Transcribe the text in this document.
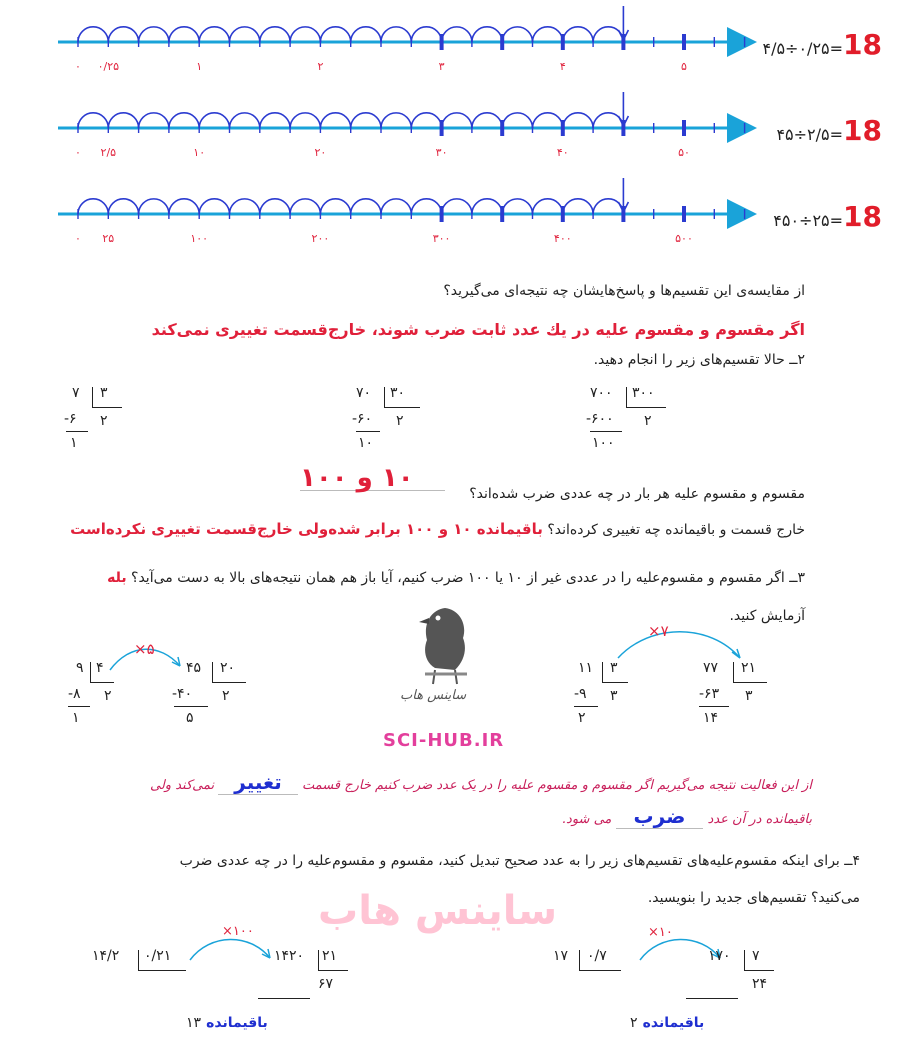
۰ ۰/۲۵	۱	۲	۳	۴	۵
۰ ۲/۵	۱۰	۲۰	۳۰	۴۰	۵۰
۰ ۲۵	۱۰۰	۲۰۰	۳۰۰	۴۰۰	۵۰۰
۴/۵÷۰/۲۵=18
۴۵÷۲/۵=18
۴۵۰÷۲۵=18
از مقایسه‌ی این تقسیم‌ها و پاسخ‌هایشان چه نتیجه‌ای می‌گیرید؟
اگر مقسوم و مقسوم علیه در یك عدد ثابت ضرب شوند، خارج‌قسمت تغییری نمی‌کند
۲ــ حالا تقسیم‌های زیر را انجام دهید.
۷۰۰ ۳۰۰
-۶۰۰ ۲
۱۰۰
۷۰ ۳۰
-۶۰ ۲
۱۰
۷ ۳
-۶ ۲
۱
مقسوم و مقسوم علیه هر بار در چه عددی ضرب شده‌اند؟
۱۰ و ۱۰۰
خارج قسمت و باقیمانده چه تغییری کرده‌اند؟ باقیمانده ۱۰ و ۱۰۰ برابر شده‌ولی خارج‌قسمت تغییری نکرده‌است
۳ــ اگر مقسوم و مقسوم‌علیه را در عددی غیر از ۱۰ یا ۱۰۰ ضرب کنیم، آیا باز هم همان نتیجه‌های بالا به دست می‌آید؟ بله
آزمایش کنید.
ساینس هاب
SCI-HUB.IR
×۷
۱۱ ۳
-۹ ۳
۲
۷۷ ۲۱
-۶۳ ۳
۱۴
×۵
۹ ۴
-۸ ۲
۱
۴۵ ۲۰
-۴۰ ۲
۵
از این فعالیت نتیجه می‌گیریم اگر مقسوم و مقسوم علیه را در یک عدد ضرب کنیم خارج قسمت تغییر نمی‌کند ولی
باقیمانده در آن عدد ضرب می شود.
۴ــ برای اینکه مقسوم‌علیه‌های تقسیم‌های زیر را به عدد صحیح تبدیل کنید، مقسوم و مقسوم‌علیه را در چه عددی ضرب
می‌کنید؟ تقسیم‌های جدید را بنویسید.
ساینس هاب	×۱۰
۱۷ ۰/۷	۱۷۰ ۷
۲۴
باقیمانده ۲
×۱۰۰
۱۴/۲ ۰/۲۱	۱۴۲۰ ۲۱
۶۷
باقیمانده ۱۳
